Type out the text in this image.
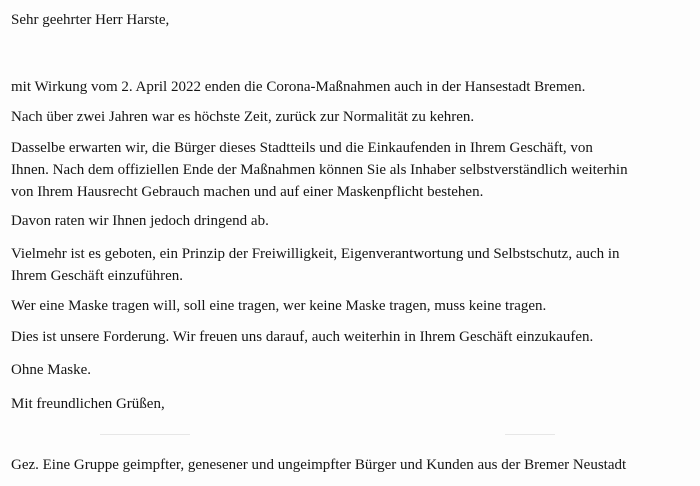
Sehr geehrter Herr Harste,

mit Wirkung vom 2. April 2022 enden die Corona-Maßnahmen auch in der Hansestadt Bremen.

Nach über zwei Jahren war es höchste Zeit, zurück zur Normalität zu kehren.

Dasselbe erwarten wir, die Bürger dieses Stadtteils und die Einkaufenden in Ihrem Geschäft, von
Ihnen. Nach dem offiziellen Ende der Maßnahmen können Sie als Inhaber selbstverständlich weiterhin
von Ihrem Hausrecht Gebrauch machen und auf einer Maskenpflicht bestehen.

Davon raten wir Ihnen jedoch dringend ab.

Vielmehr ist es geboten, ein Prinzip der Freiwilligkeit, Eigenverantwortung und Selbstschutz, auch in
Ihrem Geschäft einzuführen.

Wer eine Maske tragen will, soll eine tragen, wer keine Maske tragen, muss keine tragen.

Dies ist unsere Forderung. Wir freuen uns darauf, auch weiterhin in Ihrem Geschäft einzukaufen.

Ohne Maske.

Mit freundlichen Grüßen,

Gez. Eine Gruppe geimpfter, genesener und ungeimpfter Bürger und Kunden aus der Bremer Neustadt
